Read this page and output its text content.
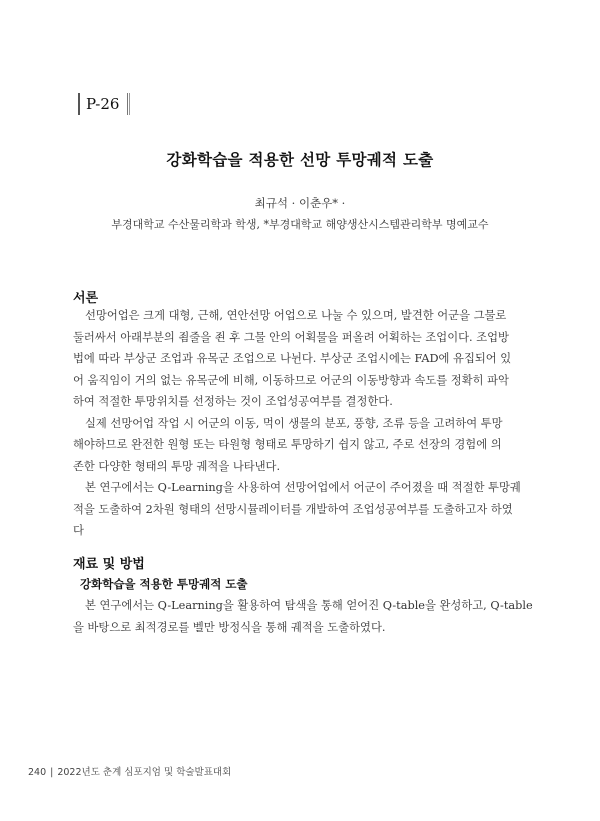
P-26
강화학습을 적용한 선망 투망궤적 도출
최규석 · 이춘우* ·
부경대학교 수산물리학과 학생, *부경대학교 해양생산시스템관리학부 명예교수
서론
선망어업은 크게 대형, 근해, 연안선망 어업으로 나눌 수 있으며, 발견한 어군을 그물로
둘러싸서 아래부분의 죔줄을 죈 후 그물 안의 어획물을 퍼올려 어획하는 조업이다. 조업방
법에 따라 부상군 조업과 유목군 조업으로 나뉜다. 부상군 조업시에는 FAD에 유집되어 있
어 움직임이 거의 없는 유목군에 비해, 이동하므로 어군의 이동방향과 속도를 정확히 파악
하여 적절한 투망위치를 선정하는 것이 조업성공여부를 결정한다.
실제 선망어업 작업 시 어군의 이동, 먹이 생물의 분포, 풍향, 조류 등을 고려하여 투망
해야하므로 완전한 원형 또는 타원형 형태로 투망하기 쉽지 않고, 주로 선장의 경험에 의
존한 다양한 형태의 투망 궤적을 나타낸다.
본 연구에서는 Q-Learning을 사용하여 선망어업에서 어군이 주어졌을 때 적절한 투망궤
적을 도출하여 2차원 형태의 선망시뮬레이터를 개발하여 조업성공여부를 도출하고자 하였
다
재료 및 방법
강화학습을 적용한 투망궤적 도출
본 연구에서는 Q-Learning을 활용하여 탐색을 통해 얻어진 Q-table을 완성하고, Q-table
을 바탕으로 최적경로를 벨만 방정식을 통해 궤적을 도출하였다.
240 | 2022년도 춘계 심포지엄 및 학술발표대회
